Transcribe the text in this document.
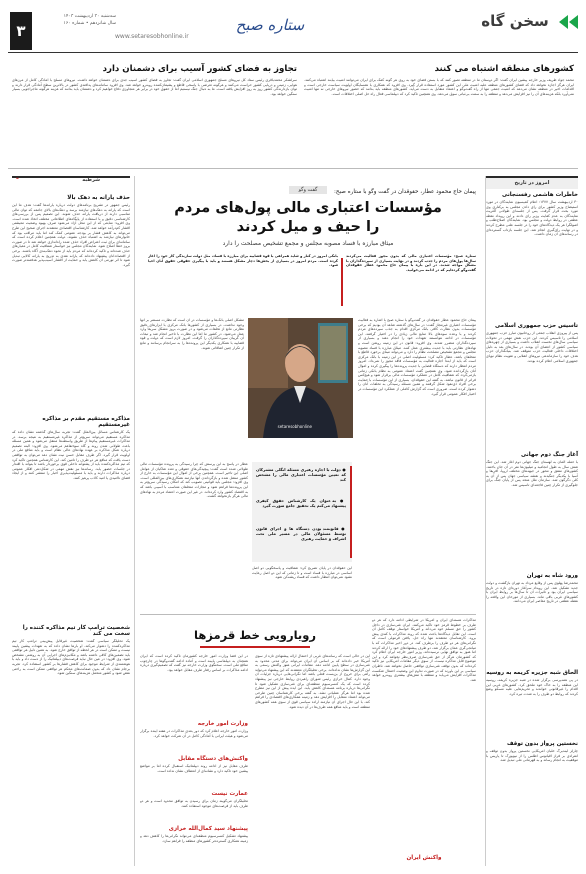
سخن گاه
ستاره صبح
www.setaresobhonline.ir
سه‌شنبه ۳۰ اردیبهشت ۱۴۰۳
سال شانزدهم • شماره ۱۶۰
۳
کشورهای منطقه اشتباه می کنند
تجاوز به فضای کشور آسیب برای دشمنان دارد
محمد جواد ظریف وزیر خارجه پیشین ایران گفت: اگر دوستان ما در منطقه تصور کنند که با بستن فضای خود به روی هر گونه کمک برای ایران می‌توانند امنیت بیابند اشتباه می‌کنند. ایران هرگز اجازه نخواهد داد که فضای کشورهای منطقه علیه امنیت ملی این کشور مورد استفاده قرار گیرد. وی افزود که همکاری با همسایگان اولویت سیاست خارجی است و اقدامات اخیر در منطقه نشان می‌دهد که امنیت جمعی تنها از راه گفت‌وگو و اعتماد متقابل به دست می‌آید. کشورهای منطقه باید بدانند که حضور نیروهای خارجی نه تنها امنیت نمی‌آورد بلکه هزینه‌های آن را نیز افزایش می‌دهد و منطقه را به سمت بی‌ثباتی سوق می‌دهد. وی همچنین تاکید کرد که دیپلماسی فعال راه حل اصلی اختلافات است.
سرلشکر محمدباقری رئیس ستاد کل نیروهای مسلح جمهوری اسلامی ایران گفت: تجاوز به فضای کشور آسیب جدی برای دشمنان خواهد داشت. نیروهای مسلح با آمادگی کامل از مرزهای هوایی، زمینی و دریایی کشور حراست می‌کنند و هرگونه تعرضی با پاسخی قاطع و پشیمان‌کننده روبه‌رو خواهد شد. وی افزود سامانه‌های پدافندی کشور در بالاترین سطح آمادگی قرار دارند و توان بازدارندگی کشور روز به روز افزایش یافته است. ما به دنبال جنگ نیستیم اما از حقوق خود در برابر هر متجاوزی دفاع خواهیم کرد و دشمنان باید بدانند که هزینه هرگونه ماجراجویی بسیار سنگین خواهد بود.
امروز در تاریخ
خاطرات هاشمی رفسنجانی
۳۰ اردیبهشت سال ۱۳۷۷: اعلام کمیسیون نمایندگان در مورد استیضاح وزیر کشور برای رای دادن مجلس به برکناری وی مورد بحث قرار گرفت. پس از جلسه‌ای طولانی اکثریت نمایندگان به عدم کفایت وزیر رای دادند و این رویداد نقطه عطفی در روابط دولت و مجلس بود. نمایندگان اصلاح‌طلب و اصولگرا هر یک دیدگاه‌های خود را در جلسه علنی مطرح کردند و در نهایت رای‌گیری انجام شد. این جلسه بازتاب گسترده‌ای در رسانه‌های آن زمان داشت.
تاسیس حزب جمهوری اسلامی
پس از پیروزی انقلاب جمعی از روحانیون مبارز حزب جمهوری اسلامی را تاسیس کردند. این حزب نقش مهمی در تحولات سیاسی سال‌های نخست انقلاب داشت و بسیاری از چهره‌های سیاسی کشور از اعضای آن بودند. در سال‌های بعد به دلیل اختلافات داخلی فعالیت حزب متوقف شد. بنیانگذاران حزب هدف خود را سازماندهی نیروهای انقلابی و تقویت نظام نوپای جمهوری اسلامی اعلام کرده بودند.
آغاز جنگ دوم جهانی
با حمله آلمان به لهستان جنگ جهانی دوم آغاز شد. این جنگ شش سال به طول انجامید و میلیون‌ها نفر در آن جان باختند. کشورهای متفق و محور در جبهه‌های مختلف اروپا، آفریقا و آسیا با یکدیگر جنگیدند و نقشه سیاسی جهان پس از آن به کلی دگرگون شد. سازمان ملل متحد پس از پایان جنگ برای جلوگیری از تکرار چنین فاجعه‌ای تاسیس شد.
ورود شاه به تهران
محمدرضا پهلوی پس از وقایع مرداد به تهران بازگشت و دولت جدید تشکیل شد. این رویداد سرآغاز دوره‌ای تازه در تاریخ سیاسی ایران بود و تاثیرات آن تا سال‌ها بر روابط ایران با کشورهای غربی باقی ماند. بسیاری از مورخان این واقعه را نقطه عطفی در تاریخ معاصر ایران می‌دانند.
الحاق شبه جزیره کریمه به روسیه
در پی همه‌پرسی برگزار شده در شبه جزیره کریمه، روسیه این منطقه را به خاک خود ملحق کرد. کشورهای غربی این اقدام را غیرقانونی خواندند و تحریم‌هایی علیه مسکو وضع کردند که روابط دو طرف را به شدت تیره کرد.
نخستین پرواز بدون توقف
چارلز لیندبرگ خلبان آمریکایی نخستین پرواز بدون توقف و انفرادی بر فراز اقیانوس اطلس را از نیویورک تا پاریس با موفقیت به انجام رساند و به قهرمانی ملی تبدیل شد.
گفت وگو	پیمان حاج محمود عطار، حقوقدان در گفت وگو با ستاره صبح:
مؤسسات اعتباری مالی پول‌های مردم
را حیف و میل کردند
میثاق مبارزه با فساد مصوبه مجلس و مجمع تشخیص مصلحت را دارد
ستاره صبح: مؤسسات اعتباری مالی که بدون مجوز فعالیت می‌کردند سال‌ها پول‌های مردم را جذب کردند و در نهایت بسیاری از سپرده‌گذاران با مشکل مواجه شدند. در این باره با پیمان حاج محمود عطار حقوقدان گفت‌وگو کرده‌ایم که در ادامه می‌خوانید.
بانکی امروز در کنار و شاید همراهی با قوه قضاییه برای مبارزه با فساد، مثل دولت سازندگی کار خود را آغاز کرده است. مردم امروز در بسیاری از بخش‌ها دچار مشکل هستند و باید با پیگیری حقوقی حقوق آنان احیا شود.
setaresobhonline
پیمان حاج محمود عطار حقوقدان در گفت‌وگو با ستاره صبح با اشاره به فعالیت مؤسسات اعتباری غیرمجاز گفت: در سال‌های گذشته شاهد آن بودیم که برخی مؤسسات بدون نظارت کافی بانک مرکزی اقدام به جذب سپرده‌های مردم کردند و با وعده سودهای بالا منابع مالی زیادی را در اختیار گرفتند. این مؤسسات در ادامه نتوانستند تعهدات خود را انجام دهند و بسیاری از سپرده‌گذاران متضرر شدند. وی افزود: قانون در این زمینه روشن است و نهادهای نظارتی باید با جدیت بیشتری عمل کنند. میثاق مبارزه با فساد مصوبه مجلس و مجمع تشخیص مصلحت نظام را دارد و می‌تواند مبنای برخورد قاطع با متخلفان باشد. عطار تاکید کرد: مسئولیت اصلی در این زمینه با بانک مرکزی است که باید از ابتدا اجازه فعالیت به مؤسسات فاقد مجوز را نمی‌داد. امروز مردم انتظار دارند که دستگاه قضایی با جدیت پرونده‌ها را پیگیری کرده و اموال آنان بازگردانده شود. وی همچنین گفت اعتماد عمومی به نظام بانکی زمانی بازمی‌گردد که شفافیت کامل در عملکرد مؤسسات مالی برقرار شود و هیچ‌کس فراتر از قانون نباشد. به گفته این حقوقدان، بسیاری از این مؤسسات با حمایت برخی افراد ذی‌نفوذ شکل گرفتند و همین مسئله رسیدگی به تخلفات آنان را دشوار کرده است. ضروری است که گزارش کاملی از عملکرد این مؤسسات در اختیار افکار عمومی قرار گیرد.
مشکل اصلی بانک‌ها و مؤسسات در آن است که نظارت مستمر بر آنها وجود نداشت. در بسیاری از کشورها بانک مرکزی با ابزارهای دقیق نظارتی مانع از تخلفات می‌شود و در صورت بروز مشکل سریعاً وارد عمل می‌شود. در کشور ما اما این نظارت با تاخیر انجام شد و تبعات آن گریبان سپرده‌گذاران را گرفت. امروز لازم است که دولت و قوه قضاییه با همکاری یکدیگر این پرونده‌ها را به سرانجام برسانند و مانع از تکرار چنین اتفاقاتی شوند.
● دولت با اجازه رهبری مسئله انگلی مشترکان که تعیین مؤسسات اعتباری مالی را مشخص کند
● به عنوان یک کارشناس حقوق کیفری پیشنهاد می‌کنم یک تحقیق جامع صورت گیرد
● قانونمند بودن دستگاه ها و اجرای قانون توسط مسئولان مالی در مسیر ملی تحت اشراف و حمایت رهبری
عطار در پاسخ به این پرسش که چرا رسیدگی به پرونده مؤسسات مالی طولانی شده است گفت: پیچیدگی‌های حقوقی و تعدد شاکیان از عوامل اصلی این تاخیر است. همچنین برخی از اموال این مؤسسات به خارج از کشور منتقل شده و بازگرداندن آنها نیازمند همکاری‌های بین‌المللی است. وی افزود: مجلس باید قوانینی تصویب کند که امکان رسیدگی سریع‌تر به این پرونده‌ها فراهم شود و مجازات متخلفان متناسب با آسیبی باشد که به اقتصاد کشور وارد کرده‌اند. در غیر این صورت اعتماد مردم به نهادهای مالی هرگز بازنخواهد گشت.
این حقوقدان در پایان تصریح کرد: شفافیت و پاسخگویی دو اصل اساسی در مبارزه با فساد است و تا زمانی که این دو اصل رعایت نشود نمی‌توان انتظار داشت که فساد ریشه‌کن شود.
شرطبه
❝
حذف یارانه به دهک بالا
رئیس جمهور در تشریح برنامه‌های دولت درباره یارانه‌ها گفت: هدف ما این است که یارانه به دهک‌های نیازمند برسد و دهک‌های بالای جامعه که توان مالی مناسبی دارند از دریافت یارانه حذف شوند. این تصمیم پس از بررسی‌های کارشناسی دقیق و با استفاده از پایگاه‌های اطلاعاتی مختلف اتخاذ شده است. وی افزود: منابعی که از این محل آزاد می‌شود صرف بهبود وضعیت معیشتی اقشار کم‌درآمد خواهد شد. کارشناسان اقتصادی معتقدند اجرای صحیح این طرح می‌تواند به کاهش فشار بر بودجه عمومی کمک کند اما باید مراقب بود که خانوارهای نیازمند به اشتباه حذف نشوند. دولت همچنین اعلام کرده است که سامانه‌ای برای ثبت اعتراض افراد حذف شده راه‌اندازی خواهد شد تا در صورت بروز خطا اصلاح شود. نمایندگان مجلس نیز خواستار شفافیت کامل در معیارهای حذف شده‌اند و تاکید کرده‌اند که مردم باید از نحوه دهک‌بندی آگاه باشند. برخی از اقتصاددانان پیشنهاد داده‌اند که یارانه نقدی به تدریج به یارانه کالایی تبدیل شود تا اثر تورمی آن کاهش یابد و حمایت از اقشار آسیب‌پذیر هدفمندتر صورت گیرد.
مذاکره مستقیم مقدم بر مذاکره غیرمستقیم
یک کارشناس مسائل بین‌الملل گفت: تجربه سال‌های گذشته نشان داده که مذاکره مستقیم می‌تواند سریع‌تر از مذاکره غیرمستقیم به نتیجه برسد. در مذاکرات غیرمستقیم پیام‌ها از طریق واسطه‌ها منتقل می‌شود و همین مسئله باعث طولانی شدن روند و گاه سوءتفاهم می‌شود. وی افزود: البته تصمیم درباره شکل مذاکره بر عهده نهادهای عالی نظام است و باید منافع ملی در اولویت قرار گیرد. اگر طرف مقابل حسن نیت نشان دهد می‌توان به توافقی دست یافت که منافع هر دو طرف را تامین کند. این کارشناس همچنین تاکید کرد که تیم مذاکره‌کننده باید از پشتوانه داخلی قوی برخوردار باشد تا بتواند با اقتدار در جلسات حضور یابد. رسانه‌ها نیز نقش مهمی در شکل‌دهی افکار عمومی درباره مذاکرات دارند و باید با مسئولیت‌پذیری اخبار را منتشر کنند و از ایجاد فضای ناامیدی یا امید کاذب پرهیز کنند.
شخصیت ترامپ کار تیم مذاکره کننده را سخت می کند
یک تحلیلگر سیاسی گفت: شخصیت غیرقابل پیش‌بینی ترامپ کار تیم مذاکره‌کننده را دشوار می‌کند. او بارها نشان داده که به تعهدات پیشین پایبند نیست و ممکن است در هر لحظه از توافق خارج شود. به همین دلیل هر توافقی باید تضمین‌های کافی داشته باشد و مکانیزم‌های اجرایی آن به روشنی مشخص شود. وی افزود: در عین حال نباید فرصت‌های دیپلماتیک را از دست داد و باید با هوشمندی از شرایط موجود برای کاهش فشارها بر کشور استفاده کرد. تجربه برجام نشان داد که بدون ضمانت‌های محکم هر توافقی ممکن است به راحتی نقض شود و کشور متحمل هزینه‌های سنگین شود.
رویارویی خط قرمزها
مذاکرات هسته‌ای ایران و آمریکا در شرایطی ادامه دارد که هر دو طرف بر خطوط قرمز خود تاکید می‌کنند. ایران غنی‌سازی در داخل کشور را حق مسلم خود می‌داند و آمریکا خواستار توقف کامل آن است. این تقابل دیدگاه‌ها باعث شده که روند مذاکرات با کندی پیش برود. کارشناسان معتقدند تنها راه حل، یافتن فرمولی است که نگرانی‌های هر دو طرف را برطرف کند. در دور اخیر مذاکرات که با میانجی‌گری عمان برگزار شد، دو طرف پیشنهادهای خود را ارائه کردند اما هنوز به توافق نهایی نرسیده‌اند. وزیر امور خارجه ایران اعلام کرد که کشورمان هرگز از حق غنی‌سازی صرف‌نظر نخواهد کرد و این موضوع قابل مذاکره نیست. از سوی دیگر مقامات آمریکایی نیز تاکید کرده‌اند که بدون توقف غنی‌سازی توافقی حاصل نخواهد شد. ناظران سیاسی بر این باورند که در صورت تداوم این وضعیت احتمال شکست مذاکرات افزایش می‌یابد و منطقه با تنش‌های بیشتری روبه‌رو خواهد شد.
واکنش ایران
این در حالی است که رسانه‌های غربی از احتمال ارائه پیشنهادی تازه از سوی آمریکا خبر داده‌اند که بر اساس آن ایران می‌تواند برای مدتی محدود به غنی‌سازی در سطح پایین ادامه دهد. مقامات ایرانی هنوز واکنش رسمی به این گزارش‌ها نشان نداده‌اند. برخی تحلیلگران معتقدند که این پیشنهاد می‌تواند راهی برای خروج از بن‌بست فعلی باشد اما نگرانی‌هایی درباره جزئیات آن وجود دارد. کمال خرازی رئیس شورای راهبردی روابط خارجی نیز پیشنهاد کرده است که یک کنسرسیوم منطقه‌ای برای غنی‌سازی تشکیل شود تا نگرانی‌ها درباره برنامه هسته‌ای کاهش یابد. این ایده پیش از این نیز مطرح شده بود اما هرگز عملیاتی نشد. به گفته برخی کارشناسان چنین طرحی می‌تواند اعتماد متقابل را افزایش دهد و زمینه همکاری‌های اقتصادی را فراهم کند. با این حال اجرای آن نیازمند اراده سیاسی قوی از سوی همه کشورهای منطقه است و باید منافع همه طرف‌ها در آن دیده شود.
در این فضا وزارت امور خارجه کشورمان تاکید کرده است که ایران همچنان به دیپلماسی پایبند است و آماده ادامه گفت‌وگوها در چارچوب منافع ملی است. سخنگوی وزارت خارجه نیز گفت که تصمیم‌گیری درباره ادامه مذاکرات بر اساس رفتار طرف مقابل خواهد بود.
وزارت امور خارجه
وزارت امور خارجه اعلام کرد که دور بعدی مذاکرات در هفته آینده برگزار می‌شود و هیئت ایرانی با آمادگی کامل در آن شرکت خواهد کرد.
واکنش‌های دستگاه مقابل
طرف مقابل نیز از ادامه روند دیپلماتیک استقبال کرده اما بر مواضع پیشین خود تاکید دارد و نشانه‌ای از انعطاف نشان نداده است.
عمارت نیست
تحلیلگران می‌گویند زمان برای رسیدن به توافق محدود است و هر دو طرف باید از فرصت‌های موجود استفاده کنند.
پیشنهاد سید کمال‌الله خرازی
پیشنهاد تشکیل کنسرسیوم منطقه‌ای می‌تواند نگرانی‌ها را کاهش دهد و زمینه همکاری گسترده‌تر کشورهای منطقه را فراهم سازد.
